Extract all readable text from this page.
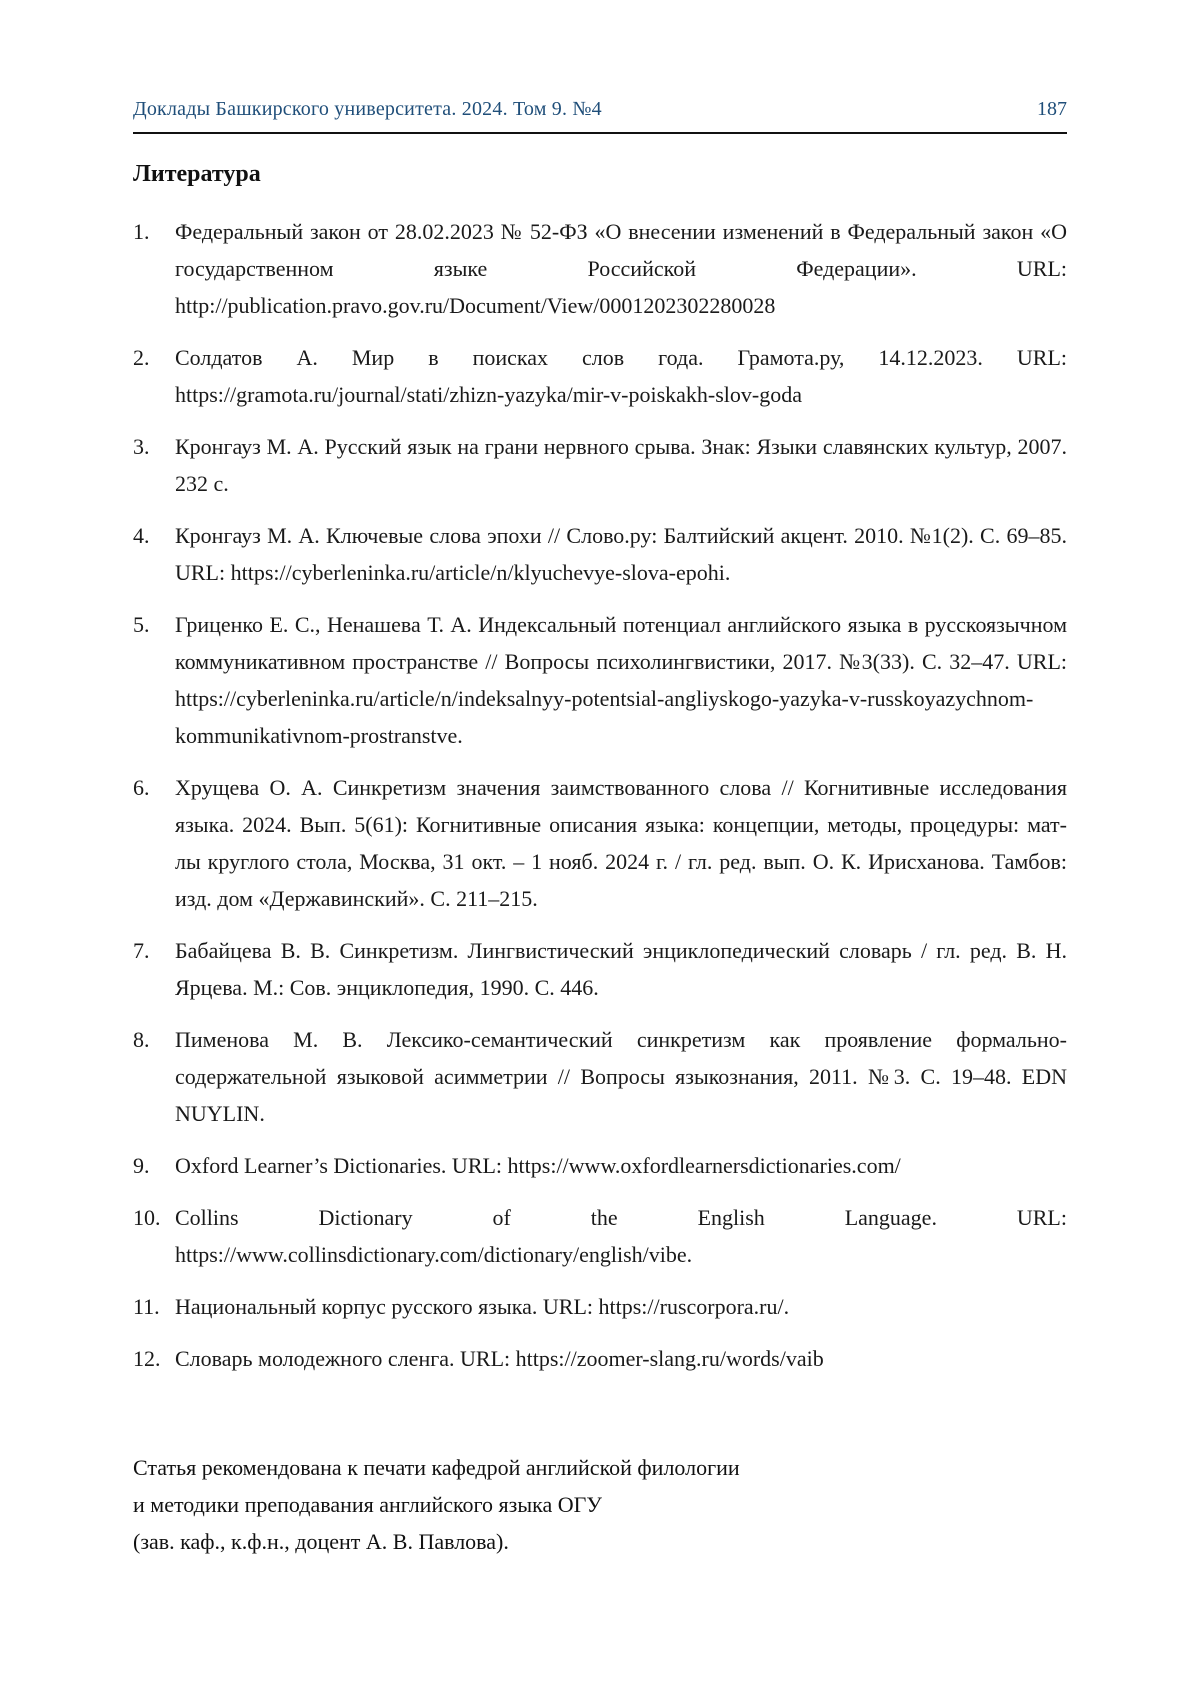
Доклады Башкирского университета. 2024. Том 9. №4	187
Литература
1.	Федеральный закон от 28.02.2023 № 52-ФЗ «О внесении изменений в Федеральный закон «О государственном языке Российской Федерации». URL: http://publication.pravo.gov.ru/Document/View/0001202302280028
2.	Солдатов А. Мир в поисках слов года. Грамота.ру, 14.12.2023. URL: https://gramota.ru/journal/stati/zhizn-yazyka/mir-v-poiskakh-slov-goda
3.	Кронгауз М. А. Русский язык на грани нервного срыва. Знак: Языки славянских культур, 2007. 232 с.
4.	Кронгауз М. А. Ключевые слова эпохи // Слово.ру: Балтийский акцент. 2010. №1(2). С. 69–85. URL: https://cyberleninka.ru/article/n/klyuchevye-slova-epohi.
5.	Гриценко Е. С., Ненашева Т. А. Индексальный потенциал английского языка в русскоязычном коммуникативном пространстве // Вопросы психолингвистики, 2017. №3(33). С. 32–47. URL: https://cyberleninka.ru/article/n/indeksalnyy-potentsial-angliyskogo-yazyka-v-russkoyazychnom-kommunikativnom-prostranstve.
6.	Хрущева О. А. Синкретизм значения заимствованного слова // Когнитивные исследования языка. 2024. Вып. 5(61): Когнитивные описания языка: концепции, методы, процедуры: мат-лы круглого стола, Москва, 31 окт. – 1 нояб. 2024 г. / гл. ред. вып. О. К. Ирисханова. Тамбов: изд. дом «Державинский». С. 211–215.
7.	Бабайцева В. В. Синкретизм. Лингвистический энциклопедический словарь / гл. ред. В. Н. Ярцева. М.: Сов. энциклопедия, 1990. С. 446.
8.	Пименова М. В. Лексико-семантический синкретизм как проявление формально-содержательной языковой асимметрии // Вопросы языкознания, 2011. №3. С. 19–48. EDN NUYLIN.
9.	Oxford Learner’s Dictionaries. URL: https://www.oxfordlearnersdictionaries.com/
10. Collins Dictionary of the English Language. URL: https://www.collinsdictionary.com/dictionary/english/vibe.
11. Национальный корпус русского языка. URL: https://ruscorpora.ru/.
12. Словарь молодежного сленга. URL: https://zoomer-slang.ru/words/vaib

Статья рекомендована к печати кафедрой английской филологии

и методики преподавания английского языка ОГУ

(зав. каф., к.ф.н., доцент А. В. Павлова).
